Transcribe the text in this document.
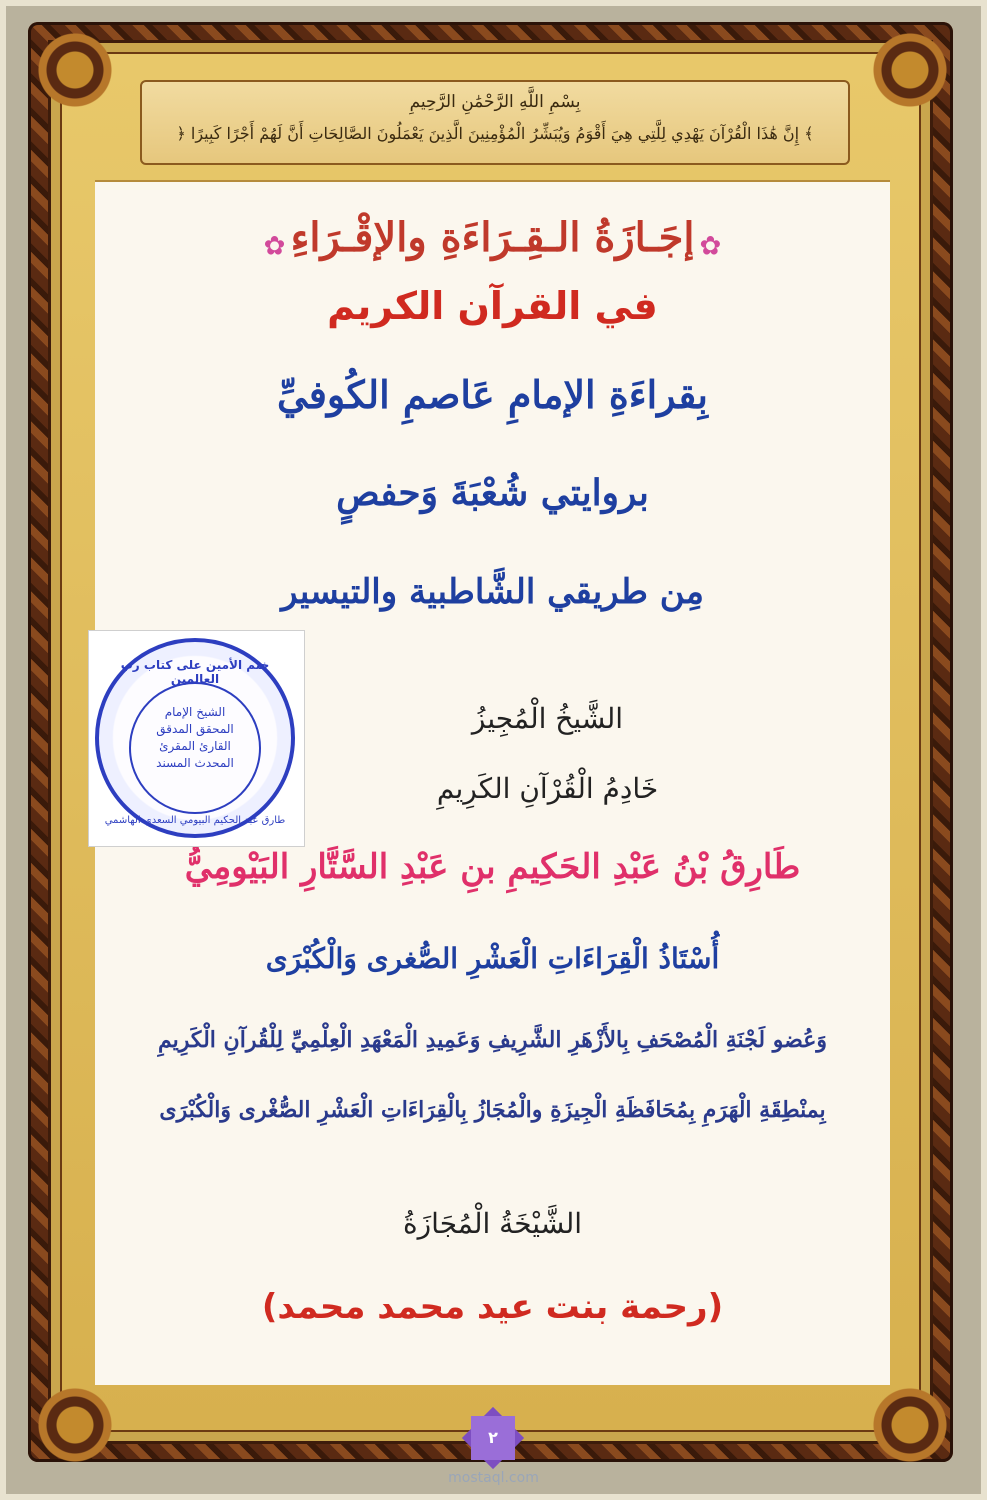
بِسْمِ اللَّهِ الرَّحْمَٰنِ الرَّحِيمِ
﴿ إِنَّ هَٰذَا الْقُرْآنَ يَهْدِي لِلَّتِي هِيَ أَقْوَمُ وَيُبَشِّرُ الْمُؤْمِنِينَ الَّذِينَ يَعْمَلُونَ الصَّالِحَاتِ أَنَّ لَهُمْ أَجْرًا كَبِيرًا ﴾
✿ إجَـازَةُ الـقِـرَاءَةِ والإقْـرَاءِ ✿
في القرآن الكريم
بِقراءَةِ الإمامِ عَاصمِ الكُوفيِّ
بروايتي شُعْبَةَ وَحفصٍ
مِن طريقي الشَّاطبية والتيسير
الشَّيخُ الْمُجِيزُ
خَادِمُ الْقُرْآنِ الكَرِيمِ
طَارِقُ بْنُ عَبْدِ الحَكِيمِ بنِ عَبْدِ السَّتَّارِ البَيْومِيُّ
أُسْتَاذُ الْقِرَاءَاتِ الْعَشْرِ الصُّغرى وَالْكُبْرَى
وَعُضو لَجْنَةِ الْمُصْحَفِ بِالأَزْهَرِ الشَّرِيفِ وَعَمِيدِ الْمَعْهَدِ الْعِلْمِيِّ لِلْقُرآنِ الْكَرِيمِ
بِمنْطِقَةِ الْهَرَمِ بِمُحَافَظَةِ الْجِيزَةِ والْمُجَازُ بِالْقِرَاءَاتِ الْعَشْرِ الصُّغْرى وَالْكُبْرَى
الشَّيْخَةُ الْمُجَازَةُ
(رحمة بنت عيد محمد محمد)
ختم الأمين على كتاب رب العالمين
الشيخ الإمام
المحقق المدقق
القارئ المقرئ
المحدث المسند
طارق عبد الحكيم البيومي السعدي الهاشمي
٢
mostaql.com
